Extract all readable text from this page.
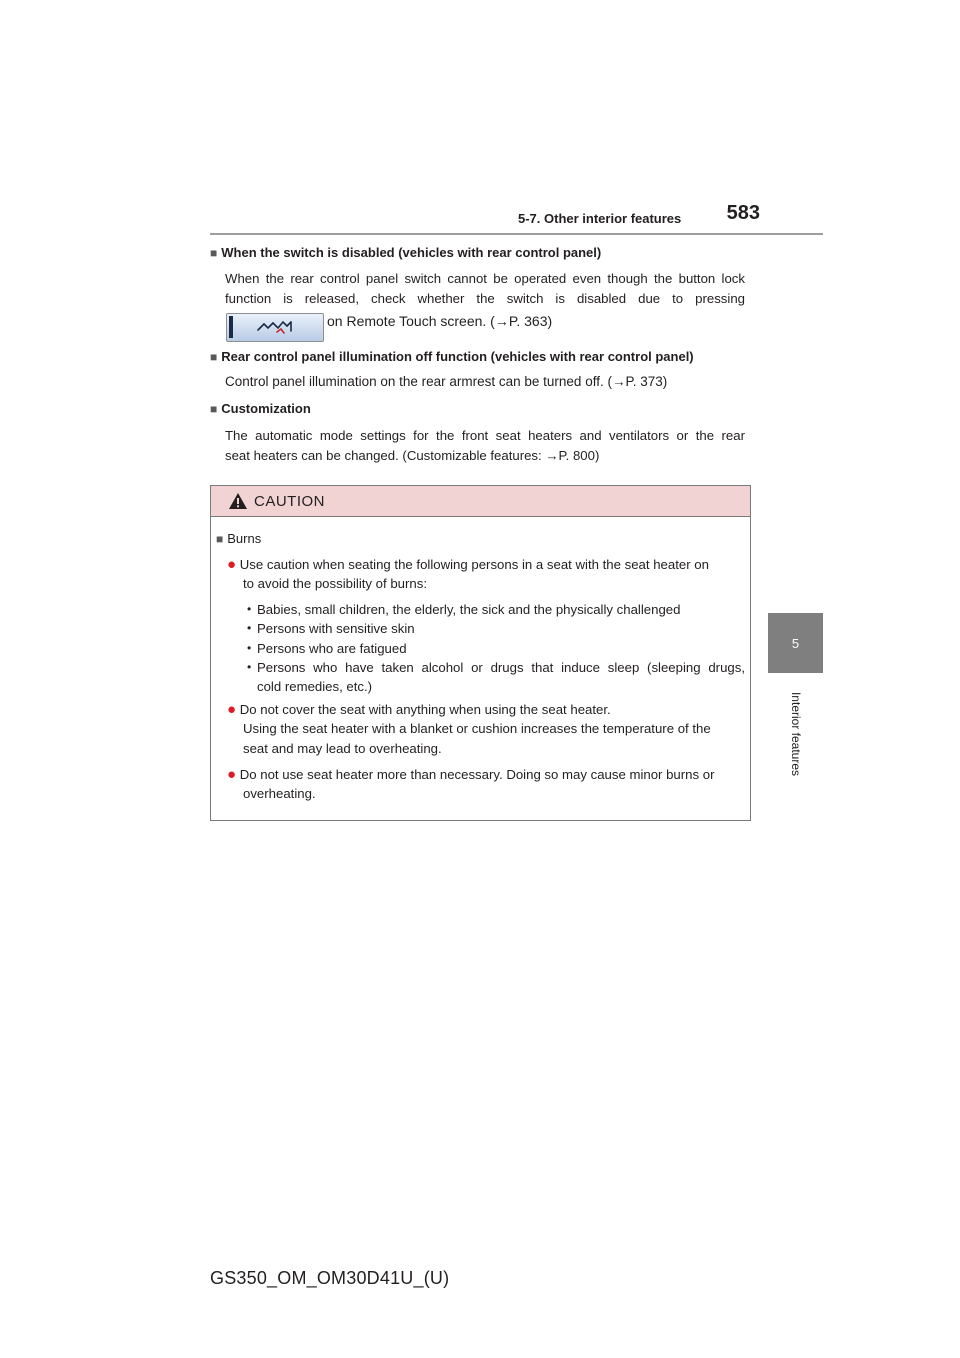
5-7. Other interior features	583
5
Interior features
■ When the switch is disabled (vehicles with rear control panel)
When the rear control panel switch cannot be operated even though the button lock
function is released, check whether the switch is disabled due to pressing
on Remote Touch screen. (→P. 363)
■ Rear control panel illumination off function (vehicles with rear control panel)
Control panel illumination on the rear armrest can be turned off. (→P. 373)
■ Customization
The automatic mode settings for the front seat heaters and ventilators or the rear
seat heaters can be changed. (Customizable features: →P. 800)
CAUTION
■ Burns
● Use caution when seating the following persons in a seat with the seat heater on
to avoid the possibility of burns:
• Babies, small children, the elderly, the sick and the physically challenged
• Persons with sensitive skin
• Persons who are fatigued
• Persons who have taken alcohol or drugs that induce sleep (sleeping drugs,
cold remedies, etc.)
● Do not cover the seat with anything when using the seat heater.
Using the seat heater with a blanket or cushion increases the temperature of the
seat and may lead to overheating.
● Do not use seat heater more than necessary. Doing so may cause minor burns or
overheating.
GS350_OM_OM30D41U_(U)
